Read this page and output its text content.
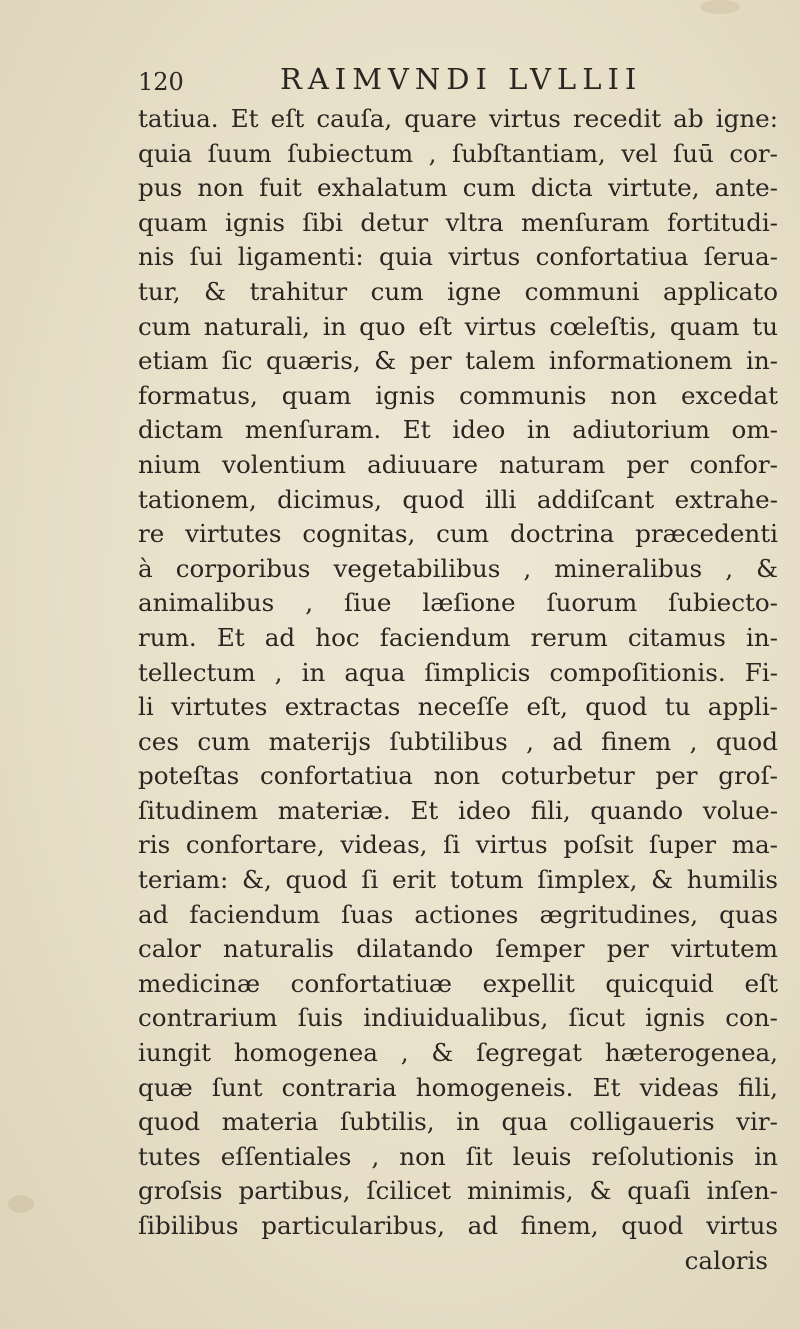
120	RAIMVNDI LVLLII
tatiua. Et eſt cauſa, quare virtus recedit ab igne:
quia ſuum ſubiectum , ſubſtantiam, vel ſuū cor-
pus non fuit exhalatum cum dicta virtute, ante-
quam ignis ſibi detur vltra menſuram fortitudi-
nis ſui ligamenti: quia virtus confortatiua ſerua-
tur, & trahitur cum igne communi applicato
cum naturali, in quo eſt virtus cœleſtis, quam tu
etiam ſic quæris, & per talem informationem in-
formatus, quam ignis communis non excedat
dictam menſuram. Et ideo in adiutorium om-
nium volentium adiuuare naturam per confor-
tationem, dicimus, quod illi addiſcant extrahe-
re virtutes cognitas, cum doctrina præcedenti
à corporibus vegetabilibus , mineralibus , &
animalibus , ſiue læſione ſuorum ſubiecto-
rum. Et ad hoc faciendum rerum citamus in-
tellectum , in aqua ſimplicis compoſitionis. Fi-
li virtutes extractas neceſſe eſt, quod tu appli-
ces cum materijs ſubtilibus , ad finem , quod
poteſtas confortatiua non coturbetur per groſ-
ſitudinem materiæ. Et ideo fili, quando volue-
ris confortare, videas, ſi virtus poſsit ſuper ma-
teriam: &, quod ſi erit totum ſimplex, & humilis
ad faciendum ſuas actiones ægritudines, quas
calor naturalis dilatando ſemper per virtutem
medicinæ confortatiuæ expellit quicquid eſt
contrarium ſuis indiuidualibus, ſicut ignis con-
iungit homogenea , & ſegregat hæterogenea,
quæ ſunt contraria homogeneis. Et videas fili,
quod materia ſubtilis, in qua colligaueris vir-
tutes eſſentiales , non ſit leuis reſolutionis in
groſsis partibus, ſcilicet minimis, & quaſi inſen-
ſibilibus particularibus, ad finem, quod virtus
caloris
